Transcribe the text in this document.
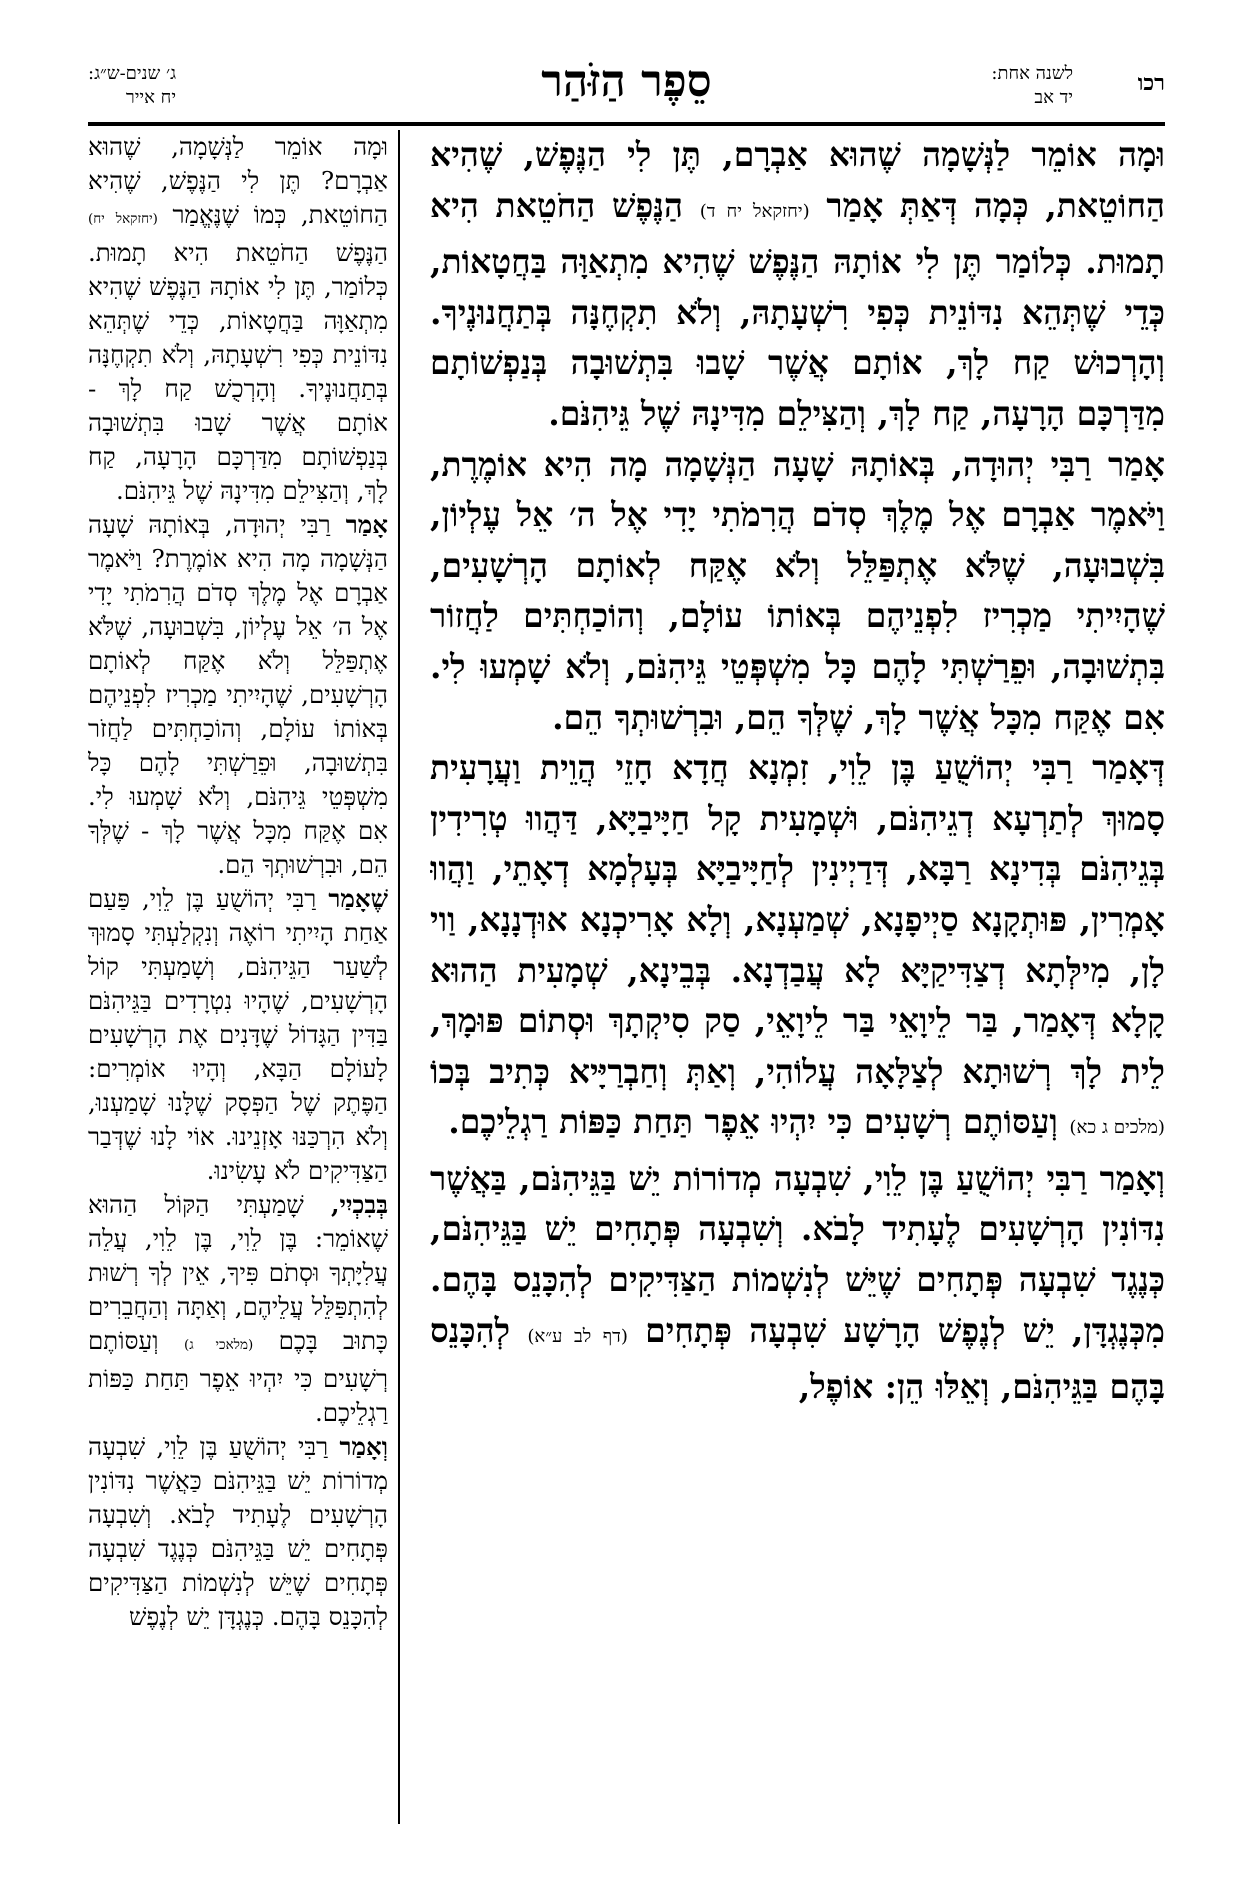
רכו
לשנה אחת:
יד אב
סֵפֶר הַזֹּהַר
ג׳ שנים-ש״ג:
יח אייר

וּמָה אוֹמֵר לַנְּשָׁמָה שֶׁהוּא אַבְרָם, תֶּן לִי הַנֶּפֶשׁ, שֶׁהִיא הַחוֹטֵאת, כְּמָה דְּאַתְּ אָמַר (יחזקאל יח ד) הַנֶּפֶשׁ הַחֹטֵאת הִיא תָמוּת. כְּלוֹמַר תֶּן לִי אוֹתָהּ הַנֶּפֶשׁ שֶׁהִיא מִתְאַוָּה בַּחֲטָאוֹת, כְּדֵי שֶׁתְּהֵא נִדּוֹנֵית כְּפִי רִשְׁעָתָהּ, וְלֹא תִקְחֶנָּה בְּתַחֲנוּנֶיךָ. וְהָרְכוּשׁ קַח לָךְ, אוֹתָם אֲשֶׁר שָׁבוּ בִּתְשׁוּבָה בְּנַפְשׁוֹתָם מִדַּרְכָּם הָרָעָה, קַח לָךְ, וְהַצִּילֵם מִדִּינָהּ שֶׁל גֵּיהִנֹּם.

אָמַר רַבִּי יְהוּדָה, בְּאוֹתָהּ שָׁעָה הַנְּשָׁמָה מָה הִיא אוֹמֶרֶת, וַיֹּאמֶר אַבְרָם אֶל מֶלֶךְ סְדֹם הֲרִמֹתִי יָדִי אֶל ה׳ אֵל עֶלְיוֹן, בִּשְׁבוּעָה, שֶׁלֹּא אֶתְפַּלֵּל וְלֹא אֶקַּח לְאוֹתָם הָרְשָׁעִים, שֶׁהָיִיתִי מַכְרִיז לִפְנֵיהֶם בְּאוֹתוֹ עוֹלָם, וְהוֹכַחְתִּים לַחֲזוֹר בִּתְשׁוּבָה, וּפֵרַשְׁתִּי לָהֶם כָּל מִשְׁפְּטֵי גֵּיהִנֹּם, וְלֹא שָׁמְעוּ לִי. אִם אֶקַּח מִכָּל אֲשֶׁר לָךְ, שֶׁלְּךָ הֵם, וּבִרְשׁוּתְךָ הֵם.

דְּאָמַר רַבִּי יְהוֹשֻׁעַ בֶּן לֵוִי, זִמְנָא חֲדָא חָזֵי הֲוֵית וַעֲרָעִית סָמוּךְ לְתַרְעָא דְגֵיהִנֹּם, וּשְׁמָעִית קָל חַיָּיבַיָּא, דַּהֲווּ טְרִידִין בְּגֵיהִנֹּם בְּדִינָא רַבָּא, דְּדַיְינִין לְחַיָּיבַיָּא בְּעָלְמָא דְאָתֵי, וַהֲווּ אָמְרִין, פּוּתְקָנָא סַיְיפָנָא, שְׁמַעְנָא, וְלָא אָרִיכְנָא אוּדְנָנָא, וַוי לָן, מִילְּתָא דְצַדִּיקַיָּא לָא עֲבַדְנָא. בְּבֵינָא, שְׁמָעִית הַהוּא קָלָא דְּאָמַר, בַּר לֵיוָאֵי בַּר לֵיוָאֵי, סַק סִיקְתָךְ וּסְתוֹם פּוּמָךְ, לֵית לָךְ רְשׁוּתָא לְצַלָּאָה עֲלוֹהִי, וְאַתְּ וְחַבְרַיָּיא כְּתִיב בְּכוֹ (מלכים ג כא) וְעַסּוֹתֶם רְשָׁעִים כִּי יִהְיוּ אֵפֶר תַּחַת כַּפּוֹת רַגְלֵיכֶם.

וְאָמַר רַבִּי יְהוֹשֻׁעַ בֶּן לֵוִי, שִׁבְעָה מְדוֹרוֹת יֵשׁ בַּגֵּיהִנֹּם, בַּאֲשֶׁר נִדּוֹנִין הָרְשָׁעִים לֶעָתִיד לָבֹא. וְשִׁבְעָה פְּתָחִים יֵשׁ בַּגֵּיהִנֹּם, כְּנֶגֶד שִׁבְעָה פְּתָחִים שֶׁיֵּשׁ לְנִשְׁמוֹת הַצַּדִּיקִים לְהִכָּנֵס בָּהֶם. מִכְּנֶגְדָּן, יֵשׁ לְנֶפֶשׁ הָרָשָׁע שִׁבְעָה פְּתָחִים (דף לב ע״א) לְהִכָּנֵס בָּהֶם בַּגֵּיהִנֹּם, וְאֵלּוּ הֵן: אוֹפֶל,

וּמָה אוֹמֵר לַנְּשָׁמָה, שֶׁהוּא אַבְרָם? תֶּן לִי הַנֶּפֶשׁ, שֶׁהִיא הַחוֹטֵאת, כְּמוֹ שֶׁנֶּאֱמַר (יחזקאל יח) הַנֶּפֶשׁ הַחֹטֵאת הִיא תָמוּת. כְּלוֹמַר, תֶּן לִי אוֹתָהּ הַנֶּפֶשׁ שֶׁהִיא מִתְאַוָּה בַּחֲטָאוֹת, כְּדֵי שֶׁתְּהֵא נִדּוֹנֵית כְּפִי רִשְׁעָתָהּ, וְלֹא תִקְחֶנָּה בְּתַחֲנוּנֶיךָ. וְהָרְכֻשׁ קַח לָךְ - אוֹתָם אֲשֶׁר שָׁבוּ בִּתְשׁוּבָה בְּנַפְשׁוֹתָם מִדַּרְכָּם הָרָעָה, קַח לָךְ, וְהַצִּילֵם מִדִּינָהּ שֶׁל גֵּיהִנֹּם.

אָמַר רַבִּי יְהוּדָה, בְּאוֹתָהּ שָׁעָה הַנְּשָׁמָה מָה הִיא אוֹמֶרֶת? וַיֹּאמֶר אַבְרָם אֶל מֶלֶךְ סְדֹם הֲרִמֹתִי יָדִי אֶל ה׳ אֵל עֶלְיוֹן, בִּשְׁבוּעָה, שֶׁלֹּא אֶתְפַּלֵּל וְלֹא אֶקַּח לְאוֹתָם הָרְשָׁעִים, שֶׁהָיִיתִי מַכְרִיז לִפְנֵיהֶם בְּאוֹתוֹ עוֹלָם, וְהוֹכַחְתִּים לַחֲזֹר בִּתְשׁוּבָה, וּפֵרַשְׁתִּי לָהֶם כָּל מִשְׁפְּטֵי גֵּיהִנֹּם, וְלֹא שָׁמְעוּ לִי. אִם אֶקַּח מִכָּל אֲשֶׁר לָךְ - שֶׁלְּךָ הֵם, וּבִרְשׁוּתְךָ הֵם.

שֶׁאָמַר רַבִּי יְהוֹשֻׁעַ בֶּן לֵוִי, פַּעַם אַחַת הָיִיתִי רוֹאֶה וְנִקְלַעְתִּי סָמוּךְ לְשַׁעַר הַגֵּיהִנֹּם, וְשָׁמַעְתִּי קוֹל הָרְשָׁעִים, שֶׁהָיוּ נִטְרָדִים בַּגֵּיהִנֹּם בַּדִּין הַגָּדוֹל שֶׁדָּנִים אֶת הָרְשָׁעִים לָעוֹלָם הַבָּא, וְהָיוּ אוֹמְרִים: הַפֶּתֶק שֶׁל הַפְּסָק שֶׁלָּנוּ שָׁמַעְנוּ, וְלֹא הִרְכַּנּוּ אָזְנֵינוּ. אוֹי לָנוּ שֶׁדְּבַר הַצַּדִּיקִים לֹא עָשִׂינוּ.

בְּבִכְיִי, שָׁמַעְתִּי הַקּוֹל הַהוּא שֶׁאוֹמֵר: בֶּן לֵוִי, בֶּן לֵוִי, עֲלֵה עֲלִיָּתְךָ וּסְתֹם פִּיךָ, אֵין לְךָ רְשׁוּת לְהִתְפַּלֵּל עֲלֵיהֶם, וְאַתָּה וְהַחֲבֵרִים כָּתוּב בָּכֶם (מלאכי ג) וְעַסּוֹתֶם רְשָׁעִים כִּי יִהְיוּ אֵפֶר תַּחַת כַּפּוֹת רַגְלֵיכֶם.

וְאָמַר רַבִּי יְהוֹשֻׁעַ בֶּן לֵוִי, שִׁבְעָה מְדוֹרוֹת יֵשׁ בַּגֵּיהִנֹּם כַּאֲשֶׁר נִדּוֹנִין הָרְשָׁעִים לֶעָתִיד לָבֹא. וְשִׁבְעָה פְּתָחִים יֵשׁ בַּגֵּיהִנֹּם כְּנֶגֶד שִׁבְעָה פְּתָחִים שֶׁיֵּשׁ לְנִשְׁמוֹת הַצַּדִּיקִים לְהִכָּנֵס בָּהֶם. כְּנֶגְדָּן יֵשׁ לְנֶפֶשׁ
